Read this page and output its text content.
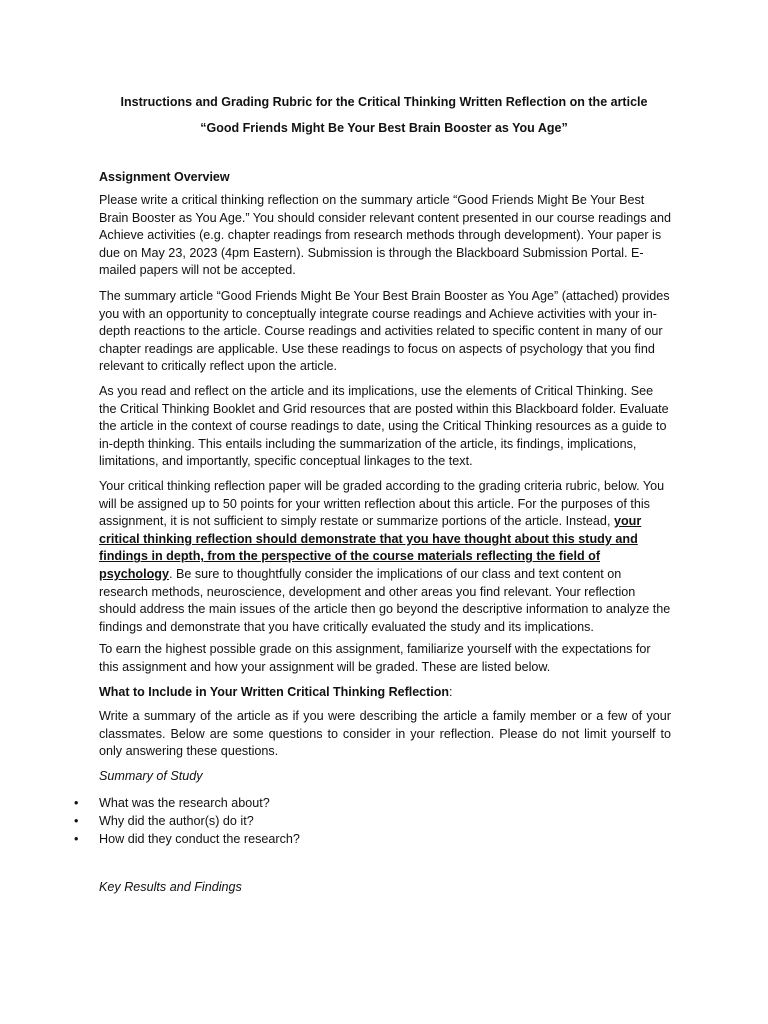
Instructions and Grading Rubric for the Critical Thinking Written Reflection on the article
“Good Friends Might Be Your Best Brain Booster as You Age”
Assignment Overview

Please write a critical thinking reflection on the summary article “Good Friends Might Be Your Best Brain Booster as You Age.” You should consider relevant content presented in our course readings and Achieve activities (e.g. chapter readings from research methods through development). Your paper is due on May 23, 2023 (4pm Eastern). Submission is through the Blackboard Submission Portal. E-mailed papers will not be accepted.

The summary article “Good Friends Might Be Your Best Brain Booster as You Age” (attached) provides you with an opportunity to conceptually integrate course readings and Achieve activities with your in-depth reactions to the article. Course readings and activities related to specific content in many of our chapter readings are applicable. Use these readings to focus on aspects of psychology that you find relevant to critically reflect upon the article.

As you read and reflect on the article and its implications, use the elements of Critical Thinking. See the Critical Thinking Booklet and Grid resources that are posted within this Blackboard folder. Evaluate the article in the context of course readings to date, using the Critical Thinking resources as a guide to in-depth thinking. This entails including the summarization of the article, its findings, implications, limitations, and importantly, specific conceptual linkages to the text.

Your critical thinking reflection paper will be graded according to the grading criteria rubric, below. You will be assigned up to 50 points for your written reflection about this article. For the purposes of this assignment, it is not sufficient to simply restate or summarize portions of the article. Instead, your critical thinking reflection should demonstrate that you have thought about this study and findings in depth, from the perspective of the course materials reflecting the field of psychology. Be sure to thoughtfully consider the implications of our class and text content on research methods, neuroscience, development and other areas you find relevant. Your reflection should address the main issues of the article then go beyond the descriptive information to analyze the findings and demonstrate that you have critically evaluated the study and its implications.

To earn the highest possible grade on this assignment, familiarize yourself with the expectations for this assignment and how your assignment will be graded. These are listed below.

What to Include in Your Written Critical Thinking Reflection:

Write a summary of the article as if you were describing the article a family member or a few of your classmates. Below are some questions to consider in your reflection. Please do not limit yourself to only answering these questions.

Summary of Study
• What was the research about?
• Why did the author(s) do it?
• How did they conduct the research?
Key Results and Findings
